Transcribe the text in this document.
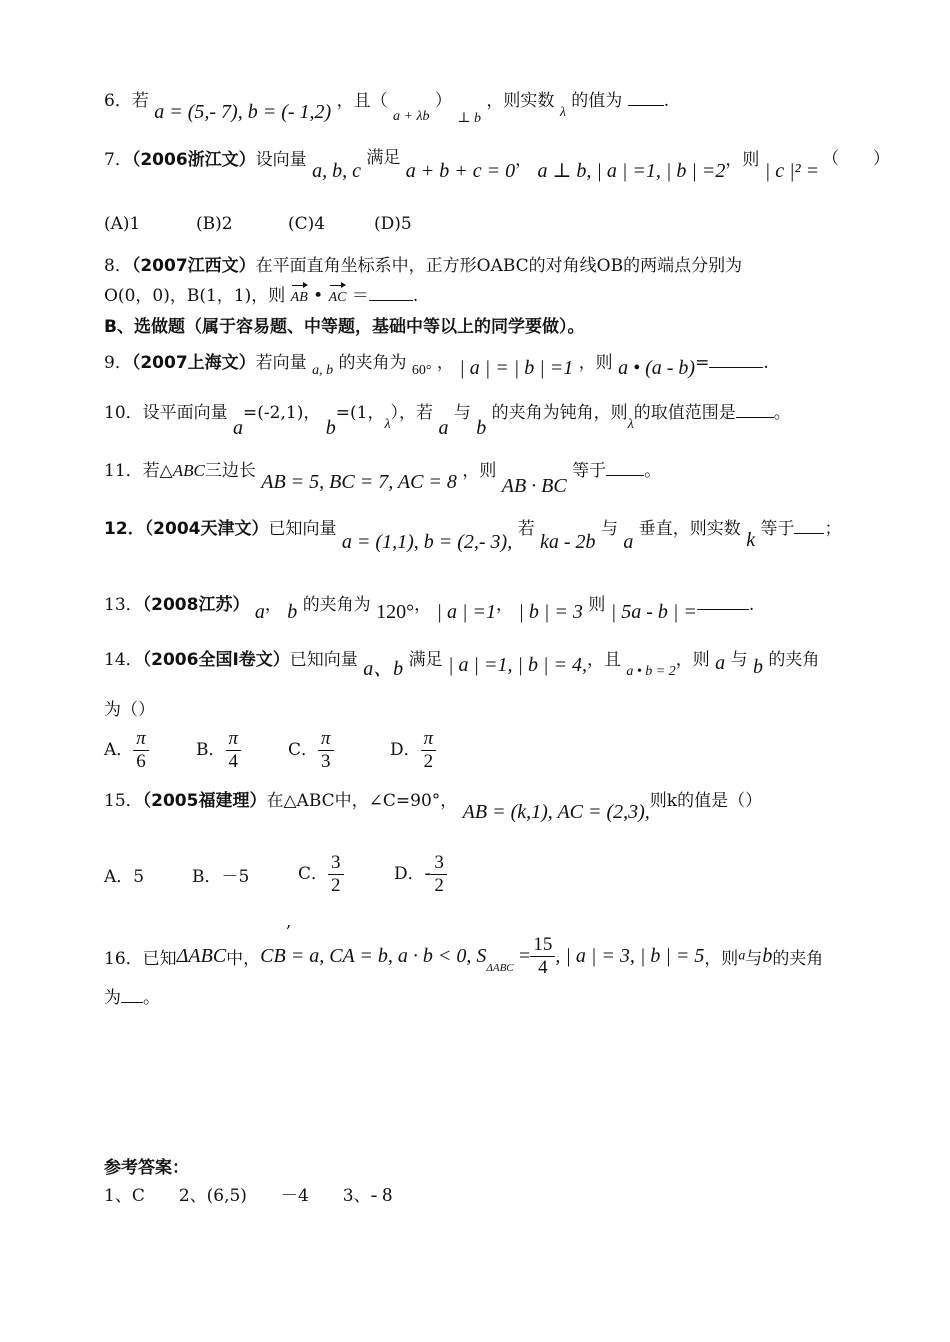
6．若 a = (5,- 7), b = (- 1,2) ，且（ $_{a + \lambda b}$ ） $_{\perp b}$ ，则实数 $_\lambda$ 的值为 .
7．（2006浙江文）设向量 a, b, c 满足 a + b + c = 0， a ⊥ b, | a | =1, | b | =2，则 | c |² =
（　　）
(A)1	(B)2	(C)4	(D)5
8．（2007江西文）在平面直角坐标系中，正方形OABC的对角线OB的两端点分别为
O(0，0)，B(1，1)，则 AB • AC ＝	.
B、选做题（属于容易题、中等题，基础中等以上的同学要做）。
9．（2007上海文）若向量 $_{a, b}$ 的夹角为 $_{60^\circ}$ ， | a | = | b | =1 ，则 a • (a - b)=	.
10．设平面向量 a=(-2,1)， b=(1，$_\lambda$），若 a 与 b 的夹角为钝角，则$_\lambda$的取值范围是 。
11．若△ABC三边长 AB = 5, BC = 7, AC = 8 ，则 AB · BC 等于 。
12．（2004天津文）已知向量 a = (1,1), b = (2,- 3), 若 ka - 2b 与 a 垂直，则实数 k 等于 ；
13．（2008江苏） a， b 的夹角为 120°， | a | =1， | b | = 3 则 | 5a - b | =	.
14．（2006全国Ⅰ卷文）已知向量 a、b 满足 | a | =1, | b | = 4,，且 $_{a • b = 2}$，则 a 与 b 的夹角
为（）
A． $\frac{\pi}{6}$	B． $\frac{\pi}{4}$	C． $\frac{\pi}{3}$	D． $\frac{\pi}{2}$
15．（2005福建理）在△ABC中，∠C=90°， AB = (k,1), AC = (2,3),则k的值是（）
A．5	B．－5	C． $\frac{3}{2}$	D．- $\frac{3}{2}$
,
16．已知ΔABC中，CB = a, CA = b, a · b < 0, $S_{\Delta ABC} = \frac{15}{4}$ , | a | = 3, | b | = 5，则a与b的夹角
为 。
参考答案：
1、C　　2、(6,5)　　－4　　3、- 8
